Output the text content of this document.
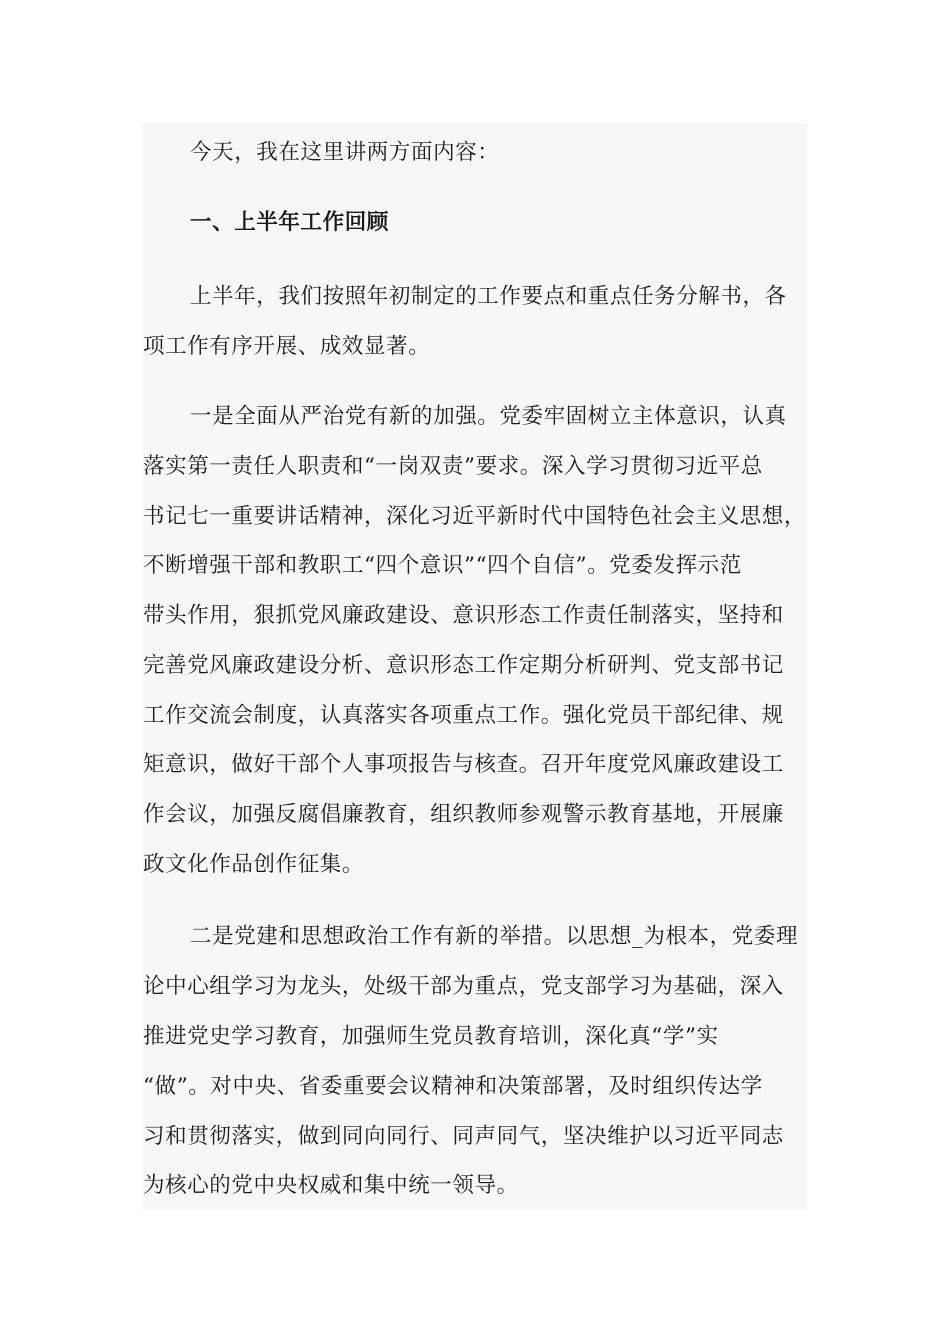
今天，我在这里讲两方面内容：
一、上半年工作回顾
上半年，我们按照年初制定的工作要点和重点任务分解书，各
项工作有序开展、成效显著。
一是全面从严治党有新的加强。党委牢固树立主体意识，认真
落实第一责任人职责和“一岗双责”要求。深入学习贯彻习近平总
书记七一重要讲话精神，深化习近平新时代中国特色社会主义思想，
不断增强干部和教职工“四个意识”“四个自信”。党委发挥示范
带头作用，狠抓党风廉政建设、意识形态工作责任制落实，坚持和
完善党风廉政建设分析、意识形态工作定期分析研判、党支部书记
工作交流会制度，认真落实各项重点工作。强化党员干部纪律、规
矩意识，做好干部个人事项报告与核查。召开年度党风廉政建设工
作会议，加强反腐倡廉教育，组织教师参观警示教育基地，开展廉
政文化作品创作征集。
二是党建和思想政治工作有新的举措。以思想_为根本，党委理
论中心组学习为龙头，处级干部为重点，党支部学习为基础，深入
推进党史学习教育，加强师生党员教育培训，深化真“学”实
“做”。对中央、省委重要会议精神和决策部署，及时组织传达学
习和贯彻落实，做到同向同行、同声同气，坚决维护以习近平同志
为核心的党中央权威和集中统一领导。
